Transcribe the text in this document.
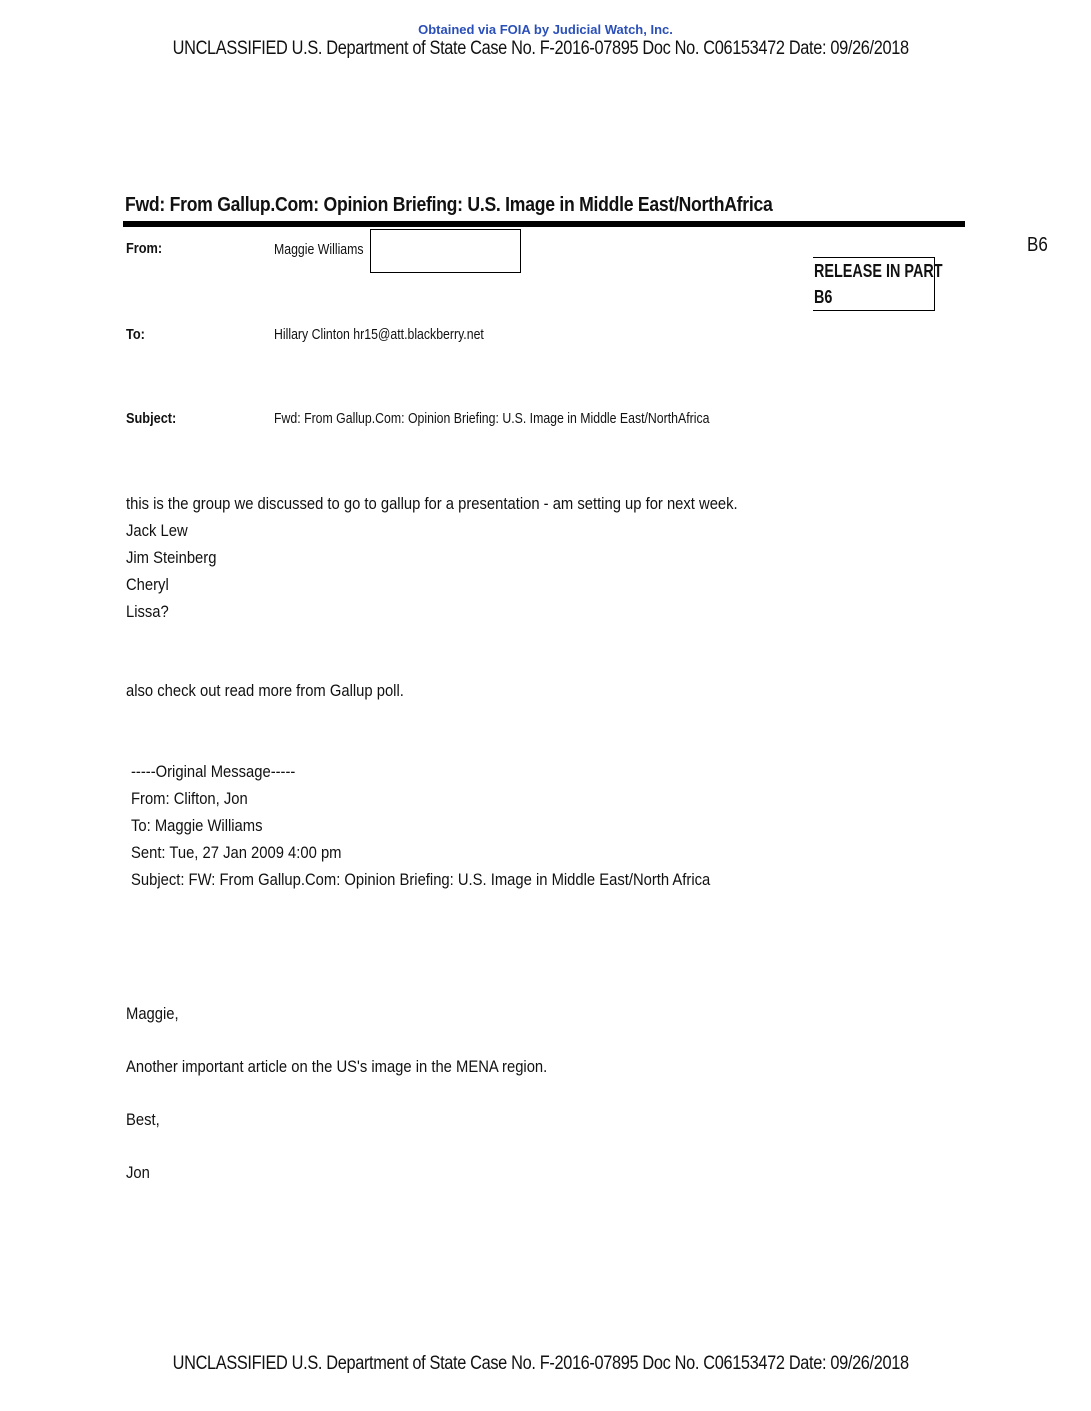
Obtained via FOIA by Judicial Watch, Inc.
UNCLASSIFIED U.S. Department of State Case No. F-2016-07895 Doc No. C06153472 Date: 09/26/2018
Fwd: From Gallup.Com: Opinion Briefing: U.S. Image in Middle East/NorthAfrica
From:	Maggie Williams	B6
RELEASE IN PART
B6
To:	Hillary Clinton hr15@att.blackberry.net
Subject:	Fwd: From Gallup.Com: Opinion Briefing: U.S. Image in Middle East/NorthAfrica
this is the group we discussed to go to gallup for a presentation - am setting up for next week.
Jack Lew
Jim Steinberg
Cheryl
Lissa?
also check out read more from Gallup poll.
-----Original Message-----
From: Clifton, Jon
To: Maggie Williams
Sent: Tue, 27 Jan 2009 4:00 pm
Subject: FW: From Gallup.Com: Opinion Briefing: U.S. Image in Middle East/North Africa
Maggie,
Another important article on the US's image in the MENA region.
Best,
Jon
UNCLASSIFIED U.S. Department of State Case No. F-2016-07895 Doc No. C06153472 Date: 09/26/2018
